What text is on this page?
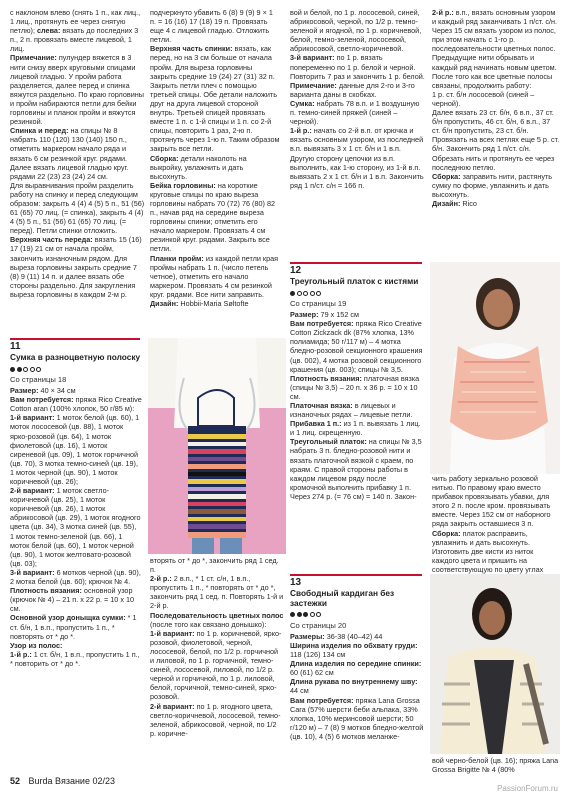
с наклоном влево (снять 1 п., как лиц., 1 лиц., протянуть ее через снятую петлю); слева: вязать до последних 3 п., 2 п. провязать вместе лицевой, 1 лиц.
Примечание: пулундер вяжется в 3 нити снизу вверх круговыми спицами лицевой гладью. У пройм работа разделяется, далее перед и спинка вяжутся раздельно. По краю горловины и пройм набираются петли для бейки горловины и планок пройм и вяжутся резинкой.
Спинка и перед: на спицы № 8 набрать 110 (120) 130 (140) 150 п., отметить маркером начало ряда и вязать 6 см резинкой круг. рядами. Далее вязать лицевой гладью круг. рядами 22 (23) 23 (24) 24 см.
Для выравнивания пройм разделить работу на спинку и перед следующим образом: закрыть 4 (4) 4 (5) 5 п., 51 (56) 61 (65) 70 лиц. (= спинка), закрыть 4 (4) 4 (5) 5 п., 51 (56) 61 (65) 70 лиц. (= перед). Петли спинки отложить.
Верхняя часть переда: вязать 15 (16) 17 (19) 21 см от начала пройм, закончить изнаночным рядом. Для выреза горловины закрыть средние 7 (8) 9 (11) 14 п. и далее вязать обе стороны раздельно. Для закругления выреза горловины в каждом 2-м р.
подчеркнуто убавить 6 (8) 9 (9) 9 × 1 п. = 16 (16) 17 (18) 19 п. Провязать еще 4 с лицевой гладью. Отложить петли.
Верхняя часть спинки: вязать, как перед, но на 3 см больше от начала пройм. Для выреза горловины закрыть средние 19 (24) 27 (31) 32 п.
Закрыть петли плеч с помощью третьей спицы. Обе детали наложить друг на друга лицевой стороной внутрь. Третьей спицей провязать вместе 1 п. с 1-й спицы и 1 п. со 2-й спицы, повторить 1 раз, 2-ю п. протянуть через 1-ю п. Таким образом закрыть все петли.
Сборка: детали наколоть на выкройку, увлажнить и дать высохнуть.
Бейка горловины: на короткие круговые спицы по краю выреза горловины набрать 70 (72) 76 (80) 82 п., начав ряд на середине выреза горловины спинки; отметить его начало маркером. Провязать 4 см резинкой круг. рядами. Закрыть все петли.
Планки пройм: из каждой петли края проймы набрать 1 п. (число петель четное), отметить его начало маркером. Провязать 4 см резинкой круг. рядами. Все нити заправить.
Дизайн: Hobbii-Maria Søltofte
вой и белой, по 1 р. лососевой, синей, абрикосовой, черной, по 1/2 р. темно-зеленой и ягодной, по 1 р. коричневой, белой, темно-зеленой, лососевой, абрикосовой, светло-коричневой.
3-й вариант: по 1 р. вязать попеременно по 1 р. белой и черной. Повторить 7 раз и закончить 1 р. белой.
Примечание: данные для 2-го и 3-го варианта даны в скобках.
Сумка: набрать 78 в.п. и 1 воздушную п. темно-синей пряжей (синей – черной).
1-й р.: начать со 2-й в.п. от крючка и вязать основным узором, из последней в.п. вывязать 3 х 1 ст. б/н и 1 в.п. Другую сторону цепочки из в.п. выполнить, как 1-ю сторону, из 1-й в.п. вывязать 2 х 1 ст. б/н и 1 в.п. Закончить ряд 1 п/ст. с/н = 166 п.
2-й р.: в.п., вязать основным узором и каждый ряд заканчивать 1 п/ст. с/н. Через 15 см вязать узором из полос, при этом начать с 1-го р. последовательности цветных полос. Предыдущие нити обрывать и каждый ряд начинать новым цветом. После того как все цветные полосы связаны, продолжить работу:
1 р. ст. б/н лососевой (синей – черной).
Далее вязать 23 ст. б/н, 6 в.п., 37 ст. б/н пропустить, 46 ст. б/н, 6 в.п., 37 ст. б/н пропустить, 23 ст. б/н. Провязать на всех петлях еще 5 р. ст. б/н. Закончить ряд 1 п/ст. с/н. Обрезать нить и протянуть ее через последнюю петлю.
Сборка: заправить нити, растянуть сумку по форме, увлажнить и дать высохнуть.
Дизайн: Rico
11
Сумка в разноцветную полоску
Со страницы 18
Размер: 40 × 34 см
Вам потребуется: пряжа Rico Creative Cotton aran (100% хлопок, 50 г/85 м):
1-й вариант: 1 моток белой (цв. 60), 1 моток лососевой (цв. 88), 1 моток ярко-розовой (цв. 64), 1 моток фиолетовой (цв. 16), 1 моток сиреневой (цв. 09), 1 моток горчичной (цв. 70), 3 мотка темно-синей (цв. 19), 1 моток черной (цв. 90), 1 моток коричневой (цв. 26);
2-й вариант: 1 моток светло-коричневой (цв. 25), 1 моток коричневой (цв. 26), 1 моток абрикосовой (цв. 29), 1 моток ягодного цвета (цв. 34), 3 мотка синей (цв. 55), 1 моток темно-зеленой (цв. 66), 1 моток белой (цв. 60), 1 моток черной (цв. 90), 1 моток желтовато-розовой (цв. 03);
3-й вариант: 6 мотков черной (цв. 90), 2 мотка белой (цв. 60); крючок № 4.
Плотность вязания: основной узор (крючок № 4) – 21 п. x 22 р. = 10 x 10 см.
Основной узор доныщка сумки: * 1 ст. б/н, 1 в.п., пропустить 1 п., * повторять от * до *.
Узор из полос:
1-й р.: 1 ст. б/н, 1 в.п., пропустить 1 п., * повторить от * до *.
вторять от * до *, закончить ряд 1 сед. п.
2-й р.: 2 в.п., * 1 ст. с/н, 1 в.п., пропустить 1 п., * повторять от * до *, закончить ряд 1 сед. п. Повторять 1-й и 2-й р.
Последовательность цветных полос (после того как связано донышко):
1-й вариант: по 1 р. коричневой, ярко-розовой, фиолетовой, черной, лососевой, белой, по 1/2 р. горчичной и лиловой, по 1 р. горчичной, темно-синей, лососевой, лиловой, по 1/2 р. черной и горчичной, по 1 р. лиловой, белой, горчичной, темно-синей, ярко-розовой.
2-й вариант: по 1 р. ягодного цвета, светло-коричневой, лососевой, темно-зеленой, абрикосовой, черной, по 1/2 р. коричне-
12
Треугольный платок с кистями
Со страницы 19
Размер: 79 x 152 см
Вам потребуется: пряжа Rico Creative Cotton Zickzack dk (87% хлопка, 13% полиамида; 50 г/117 м) – 4 мотка бледно-розовой секционного крашения (цв. 002), 4 мотка розовой секционного крашения (цв. 003); спицы № 3,5.
Плотность вязания: платочная вязка (спицы № 3,5) – 20 п. x 36 р. = 10 x 10 см.
Платочная вязка: в лицевых и изнаночных рядах – лицевые петли.
Прибавка 1 п.: из 1 п. вывязать 1 лиц. и 1 лиц. скрещенную.
Треугольный платок: на спицы № 3,5 набрать 3 п. бледно-розовой нити и вязать платочной вязкой с краем, по краям. С правой стороны работы в каждом лицевом ряду после кромочной выполнить прибавку 1 п. Через 274 р. (= 76 см) = 140 п. Закон-
чить работу зеркально розовой нитью. По правому краю вместо прибавок провязывать убавки, для этого 2 п. после кром. провязывать вместе. Через 152 см от наборного ряда закрыть оставшиеся 3 п.
Сборка: платок расправить, увлажнить и дать высохнуть. Изготовить две кисти из ниток каждого цвета и пришить на соответствующую по цвету углах

13
Свободный кардиган без застежки
Со страницы 20
Размеры: 36-38 (40–42) 44
Ширина изделия по обхвату груди: 118 (126) 134 см
Длина изделия по середине спинки: 60 (61) 62 см
Длина рукава по внутреннему шву: 44 см
Вам потребуется: пряжа Lana Grossa Cara (57% шерсти беби альпака, 33% хлопка, 10% меринсовой шерсти; 50 г/120 м) – 7 (8) 9 мотков бледно-желтой (цв. 10), 4 (5) 6 мотков меланже-
вой черно-белой (цв. 16); пряжа Lana Grossa Brigitte № 4 (80%
52 Burda Вязание 02/23
PassionForum.ru
